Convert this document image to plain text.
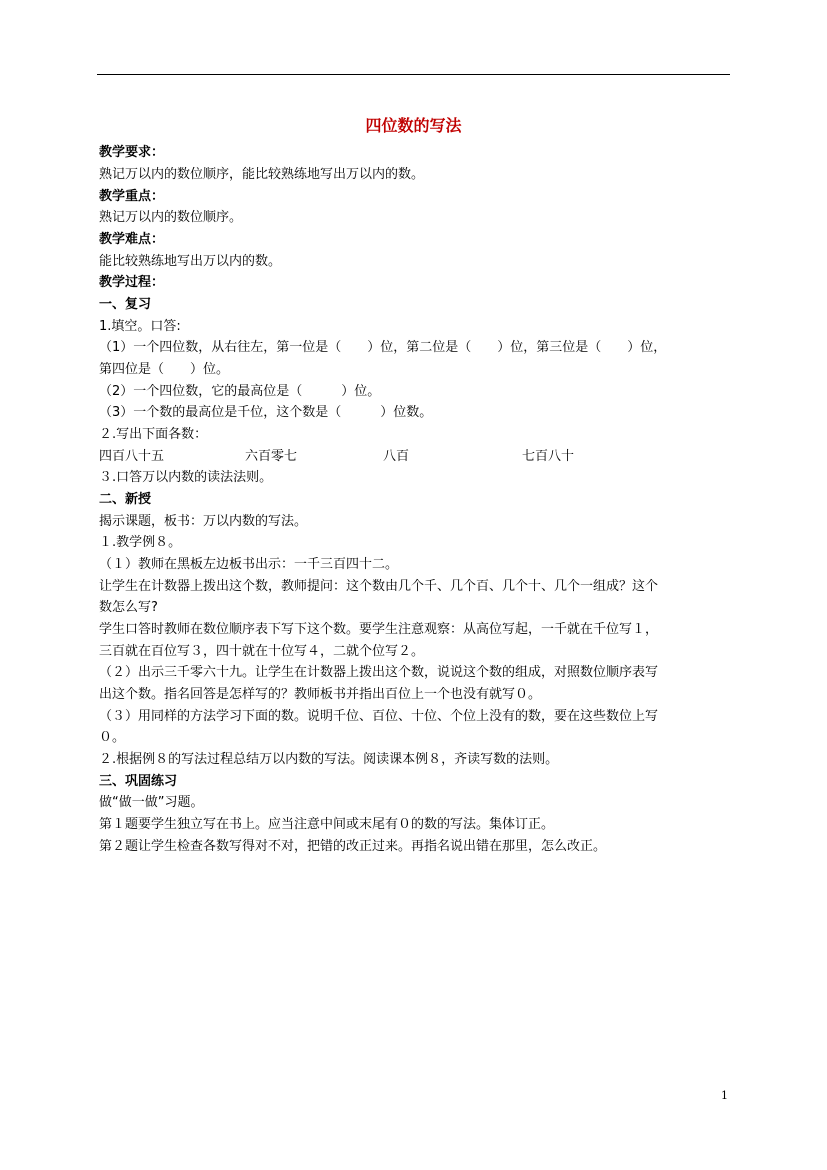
四位数的写法
教学要求：
熟记万以内的数位顺序，能比较熟练地写出万以内的数。
教学重点：
熟记万以内的数位顺序。
教学难点：
能比较熟练地写出万以内的数。
教学过程：
一、复习
1.填空。口答:
（1）一个四位数，从右往左，第一位是（　　）位，第二位是（　　）位，第三位是（　　）位，
第四位是（　　）位。
（2）一个四位数，它的最高位是（　　　）位。
（3）一个数的最高位是千位，这个数是（　　　）位数。
２.写出下面各数：
四百八十五	六百零七	八百	七百八十
３.口答万以内数的读法法则。
二、新授
揭示课题，板书：万以内数的写法。
１.教学例８。
（１）教师在黑板左边板书出示：一千三百四十二。
让学生在计数器上拨出这个数，教师提问：这个数由几个千、几个百、几个十、几个一组成？这个
数怎么写?
学生口答时教师在数位顺序表下写下这个数。要学生注意观察：从高位写起，一千就在千位写１，
三百就在百位写３，四十就在十位写４，二就个位写２。
（２）出示三千零六十九。让学生在计数器上拨出这个数，说说这个数的组成，对照数位顺序表写
出这个数。指名回答是怎样写的？教师板书并指出百位上一个也没有就写０。
（３）用同样的方法学习下面的数。说明千位、百位、十位、个位上没有的数，要在这些数位上写
０。
２.根据例８的写法过程总结万以内数的写法。阅读课本例８，齐读写数的法则。
三、巩固练习
做“做一做”习题。
第１题要学生独立写在书上。应当注意中间或末尾有０的数的写法。集体订正。
第２题让学生检查各数写得对不对，把错的改正过来。再指名说出错在那里，怎么改正。
1
